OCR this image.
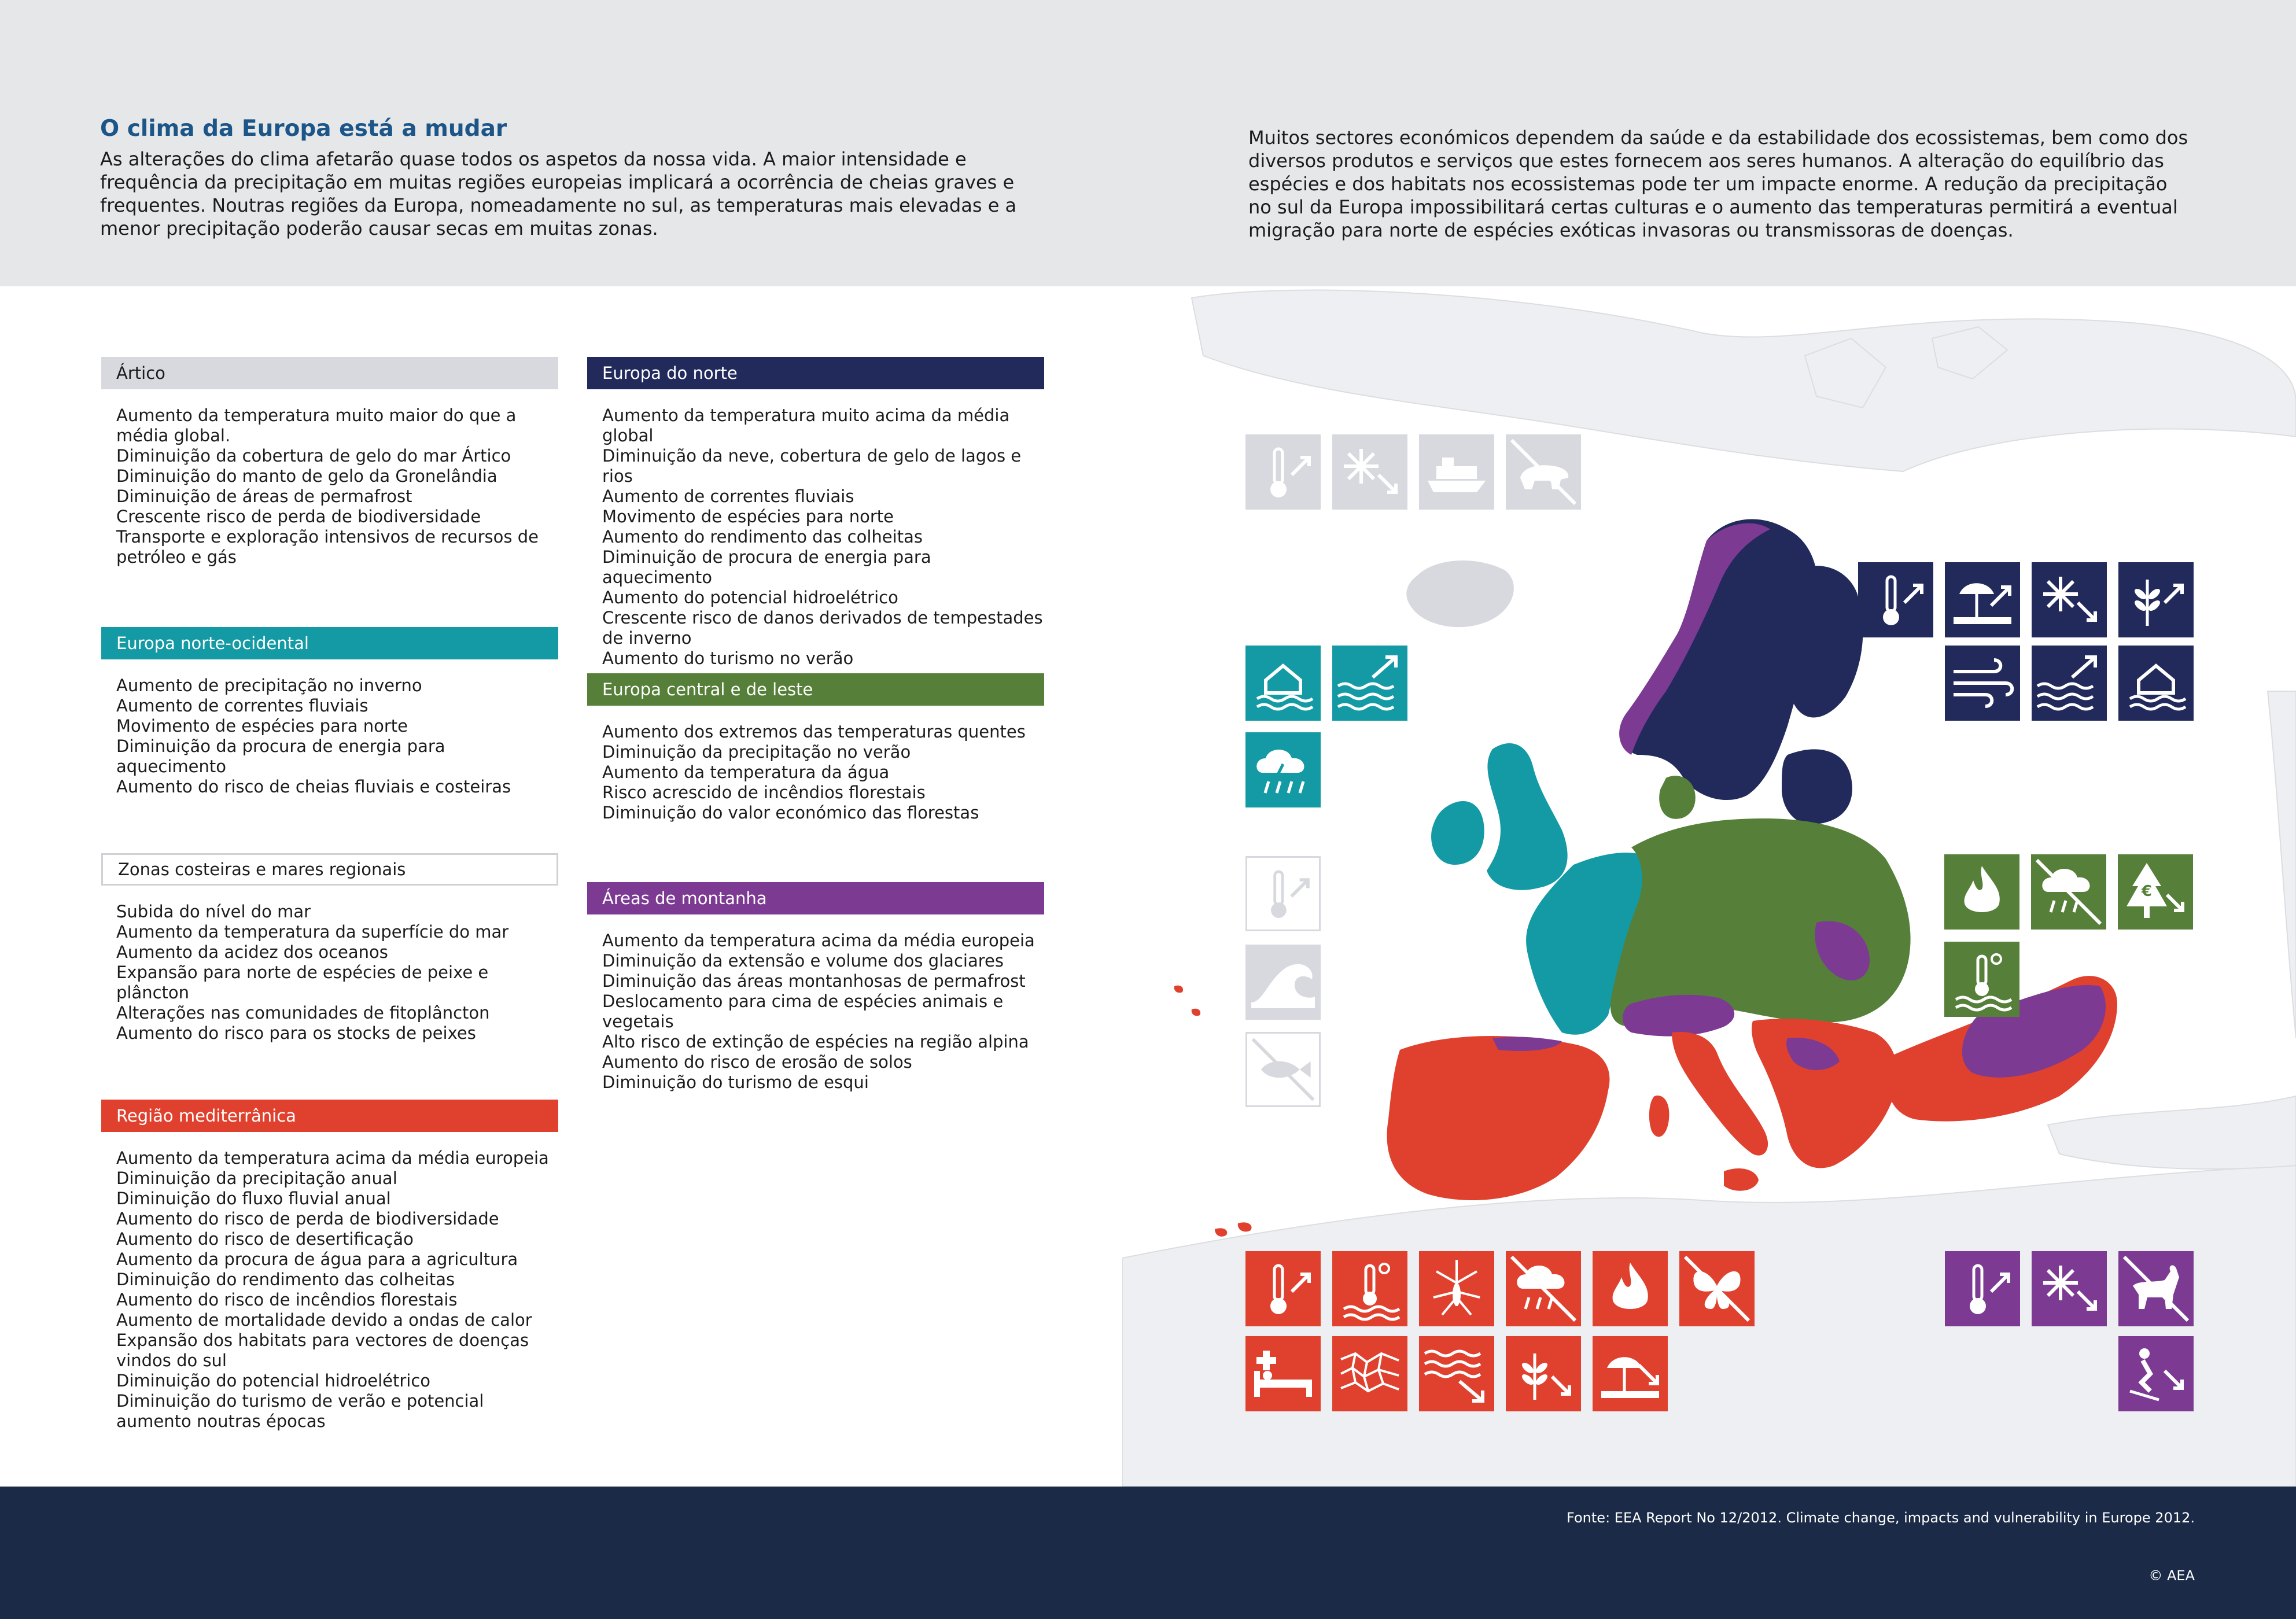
O clima da Europa está a mudar

As alterações do clima afetarão quase todos os aspetos da nossa vida. A maior intensidade e frequência da precipitação em muitas regiões europeias implicará a ocorrência de cheias graves e frequentes. Noutras regiões da Europa, nomeadamente no sul, as temperaturas mais elevadas e a menor precipitação poderão causar secas em muitas zonas.

Muitos sectores económicos dependem da saúde e da estabilidade dos ecossistemas, bem como dos diversos produtos e serviços que estes fornecem aos seres humanos. A alteração do equilíbrio das espécies e dos habitats nos ecossistemas pode ter um impacte enorme. A redução da precipitação no sul da Europa impossibilitará certas culturas e o aumento das temperaturas permitirá a eventual migração para norte de espécies exóticas invasoras ou transmissoras de doenças.

Ártico
Aumento da temperatura muito maior do que a média global.
Diminuição da cobertura de gelo do mar Ártico
Diminuição do manto de gelo da Gronelândia
Diminuição de áreas de permafrost
Crescente risco de perda de biodiversidade
Transporte e exploração intensivos de recursos de petróleo e gás
Europa norte-ocidental
Aumento de precipitação no inverno
Aumento de correntes fluviais
Movimento de espécies para norte
Diminuição da procura de energia para aquecimento
Aumento do risco de cheias fluviais e costeiras
Zonas costeiras e mares regionais
Subida do nível do mar
Aumento da temperatura da superfície do mar
Aumento da acidez dos oceanos
Expansão para norte de espécies de peixe e plâncton
Alterações nas comunidades de fitoplâncton
Aumento do risco para os stocks de peixes
Região mediterrânica
Aumento da temperatura acima da média europeia
Diminuição da precipitação anual
Diminuição do fluxo fluvial anual
Aumento do risco de perda de biodiversidade
Aumento do risco de desertificação
Aumento da procura de água para a agricultura
Diminuição do rendimento das colheitas
Aumento do risco de incêndios florestais
Aumento de mortalidade devido a ondas de calor
Expansão dos habitats para vectores de doenças vindos do sul
Diminuição do potencial hidroelétrico
Diminuição do turismo de verão e potencial aumento noutras épocas
Europa do norte
Aumento da temperatura muito acima da média global
Diminuição da neve, cobertura de gelo de lagos e rios
Aumento de correntes fluviais
Movimento de espécies para norte
Aumento do rendimento das colheitas
Diminuição de procura de energia para aquecimento
Aumento do potencial hidroelétrico
Crescente risco de danos derivados de tempestades de inverno
Aumento do turismo no verão
Europa central e de leste
Aumento dos extremos das temperaturas quentes
Diminuição da precipitação no verão
Aumento da temperatura da água
Risco acrescido de incêndios florestais
Diminuição do valor económico das florestas
Áreas de montanha
Aumento da temperatura acima da média europeia
Diminuição da extensão e volume dos glaciares
Diminuição das áreas montanhosas de permafrost
Deslocamento para cima de espécies animais e vegetais
Alto risco de extinção de espécies na região alpina
Aumento do risco de erosão de solos
Diminuição do turismo de esqui
€

Fonte: EEA Report No 12/2012. Climate change, impacts and vulnerability in Europe 2012.

© AEA
